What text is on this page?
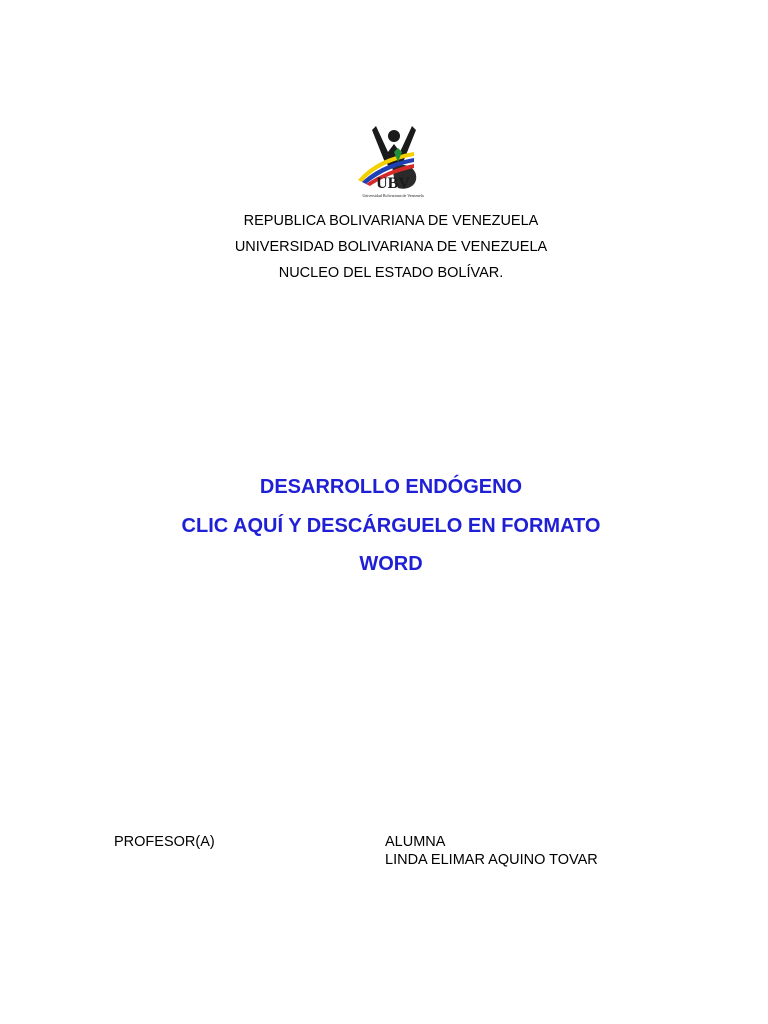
UBV
Universidad Bolivariana de Venezuela
REPUBLICA BOLIVARIANA DE VENEZUELA
UNIVERSIDAD BOLIVARIANA DE VENEZUELA
NUCLEO DEL ESTADO BOLÍVAR.
DESARROLLO ENDÓGENO
CLIC AQUÍ Y DESCÁRGUELO EN FORMATO
WORD
PROFESOR(A)	ALUMNA
LINDA ELIMAR AQUINO TOVAR
